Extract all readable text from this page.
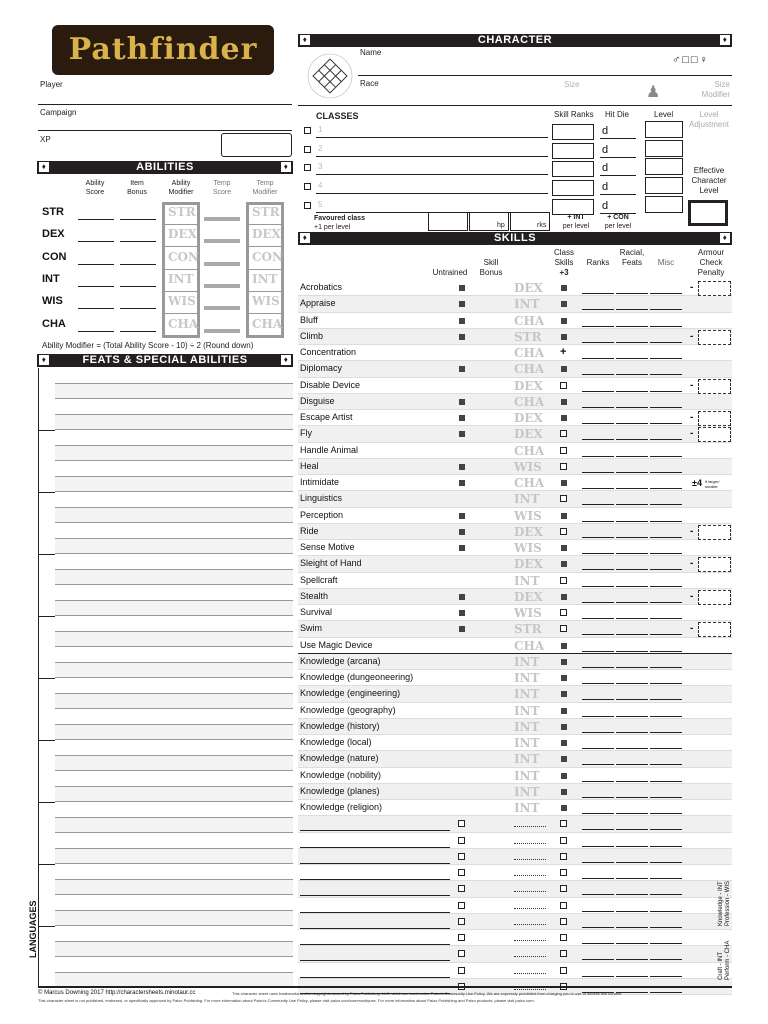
Pathfinder
Player
Campaign
XP
♦	ABILITIES	♦
Ability
Score
Item
Bonus
Ability
Modifier
Temp
Score
Temp
Modifier
STR	STR	STR
DEX	DEX	DEX
CON	CON	CON
INT	INT	INT
WIS	WIS	WIS
CHA	CHA	CHA
Ability Modifier = (Total Ability Score - 10) ÷ 2 (Round down)
♦	FEATS & SPECIAL ABILITIES	♦
LANGUAGES
♦	CHARACTER	♦
Name
♂□□♀
Race	Size	♟	Size
Modifier
CLASSES	Skill Ranks Hit Die	Level	Level
Adjustment
1	d
2	d
3	d
4	d
5	d
Effective
Character
Level
Favoured class
+1 per level	hp	rks
+ INT
per level
+ CON
per level
♦	SKILLS	♦
Untrained
Skill
Bonus
Class
Skills
+3
Ranks
Racial,
Feats	Misc
Armour
Check
Penalty
Acrobatics	DEX	-
Appraise	INT
Bluff	CHA
Climb	STR	-
Concentration	CHA +
Diplomacy	CHA
Disable Device	DEX	-
Disguise	CHA
Escape Artist	DEX	-
Fly	DEX	-
Handle Animal	CHA
Heal	WIS
Intimidate	CHA
Linguistics	INT
Perception	WIS
Ride	DEX	-
Sense Motive	WIS
Sleight of Hand	DEX	-
Spellcraft	INT
Stealth	DEX	-
Survival	WIS
Swim	STR	-
Use Magic Device	CHA
Knowledge (arcana)	INT
Knowledge (dungeoneering)	INT
Knowledge (engineering)	INT
Knowledge (geography)	INT
Knowledge (history)	INT
Knowledge (local)	INT
Knowledge (nature)	INT
Knowledge (nobility)	INT
Knowledge (planes)	INT
Knowledge (religion)	INT
±4 if larger/ smaller
Knowledge - INT Profession - WIS
Craft - INT Perform - CHA
© Marcus Downing 2017 http://charactersheets.minotaur.cc	This character sheet uses trademarks and/or copyrights owned by Paizo Publishing, LLC, which are used under Paizo's Community Use Policy. We are expressly prohibited from charging you to use or access this content.
This character sheet is not published, endorsed, or specifically approved by Paizo Publishing. For more information about Paizo's Community Use Policy, please visit paizo.com/communityuse. For more information about Paizo Publishing and Paizo products, please visit paizo.com.
